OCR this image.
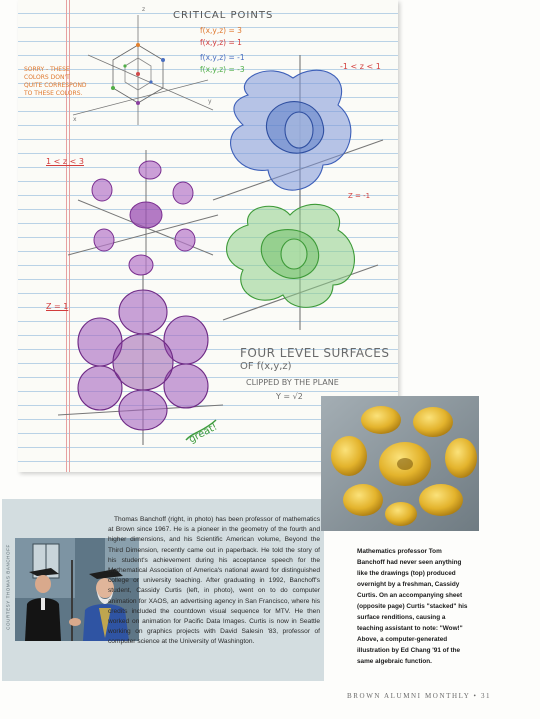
CRITICAL POINTS
f(x,y,z) = 3
f(x,y,z) = 1
f(x,y,z) = -1
f(x,y,z) = -3
SORRY - THESE
COLORS DON'T
QUITE CORRESPOND
TO THESE COLORS.
-1 < z < 1
1 < z < 3
Z = -1
Z = 1
FOUR LEVEL SURFACES
OF f(x,y,z)
CLIPPED BY THE PLANE
Y = √2
great!
z
y
x
COURTESY THOMAS BANCHOFF
Thomas Banchoff (right, in photo) has been professor of mathematics at Brown since 1967. He is a pioneer in the geometry of the fourth and higher dimensions, and his Scientific American volume, Beyond the Third Dimension, recently came out in paperback. He told the story of his student's achievement during his acceptance speech for the Mathematical Association of America's national award for distinguished college or university teaching. After graduating in 1992, Banchoff's student, Cassidy Curtis (left, in photo), went on to do computer animation for XAOS, an advertising agency in San Francisco, where his credits included the countdown visual sequence for MTV. He then worked on animation for Pacific Data Images. Curtis is now in Seattle working on graphics projects with David Salesin '83, professor of computer science at the University of Washington.
Mathematics professor Tom Banchoff had never seen anything like the drawings (top) produced overnight by a freshman, Cassidy Curtis. On an accompanying sheet (opposite page) Curtis "stacked" his surface renditions, causing a teaching assistant to note: "Wow!" Above, a computer-generated illustration by Ed Chang '91 of the same algebraic function.
BROWN ALUMNI MONTHLY • 31
